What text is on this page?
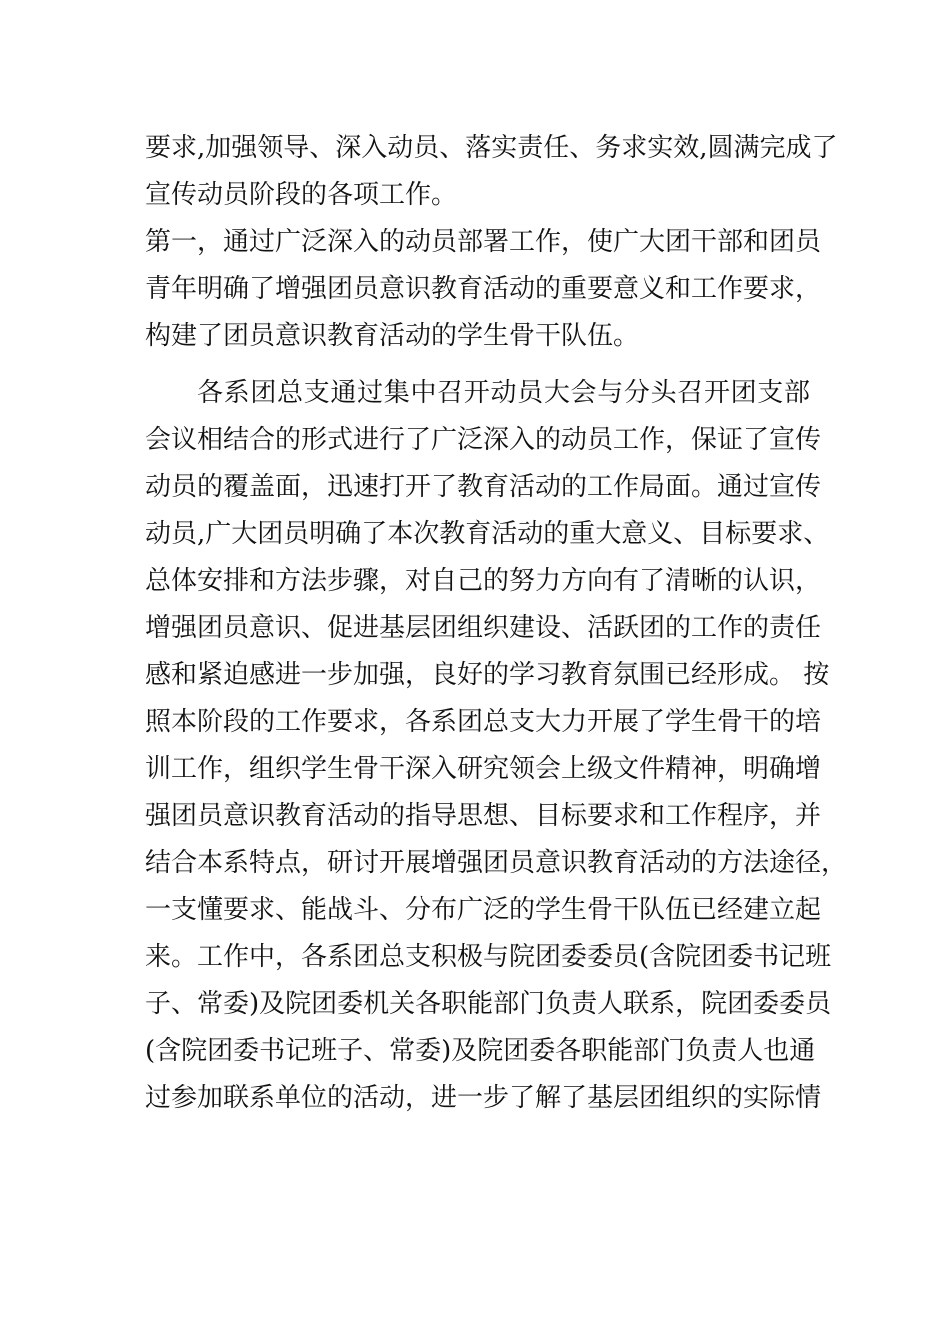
要求,加强领导、深入动员、落实责任、务求实效,圆满完成了
宣传动员阶段的各项工作。
第一，通过广泛深入的动员部署工作，使广大团干部和团员
青年明确了增强团员意识教育活动的重要意义和工作要求，
构建了团员意识教育活动的学生骨干队伍。
各系团总支通过集中召开动员大会与分头召开团支部
会议相结合的形式进行了广泛深入的动员工作，保证了宣传
动员的覆盖面，迅速打开了教育活动的工作局面。通过宣传
动员,广大团员明确了本次教育活动的重大意义、目标要求、
总体安排和方法步骤，对自己的努力方向有了清晰的认识，
增强团员意识、促进基层团组织建设、活跃团的工作的责任
感和紧迫感进一步加强，良好的学习教育氛围已经形成。 按
照本阶段的工作要求，各系团总支大力开展了学生骨干的培
训工作，组织学生骨干深入研究领会上级文件精神，明确增
强团员意识教育活动的指导思想、目标要求和工作程序，并
结合本系特点，研讨开展增强团员意识教育活动的方法途径，
一支懂要求、能战斗、分布广泛的学生骨干队伍已经建立起
来。工作中，各系团总支积极与院团委委员(含院团委书记班
子、常委)及院团委机关各职能部门负责人联系，院团委委员
(含院团委书记班子、常委)及院团委各职能部门负责人也通
过参加联系单位的活动，进一步了解了基层团组织的实际情
